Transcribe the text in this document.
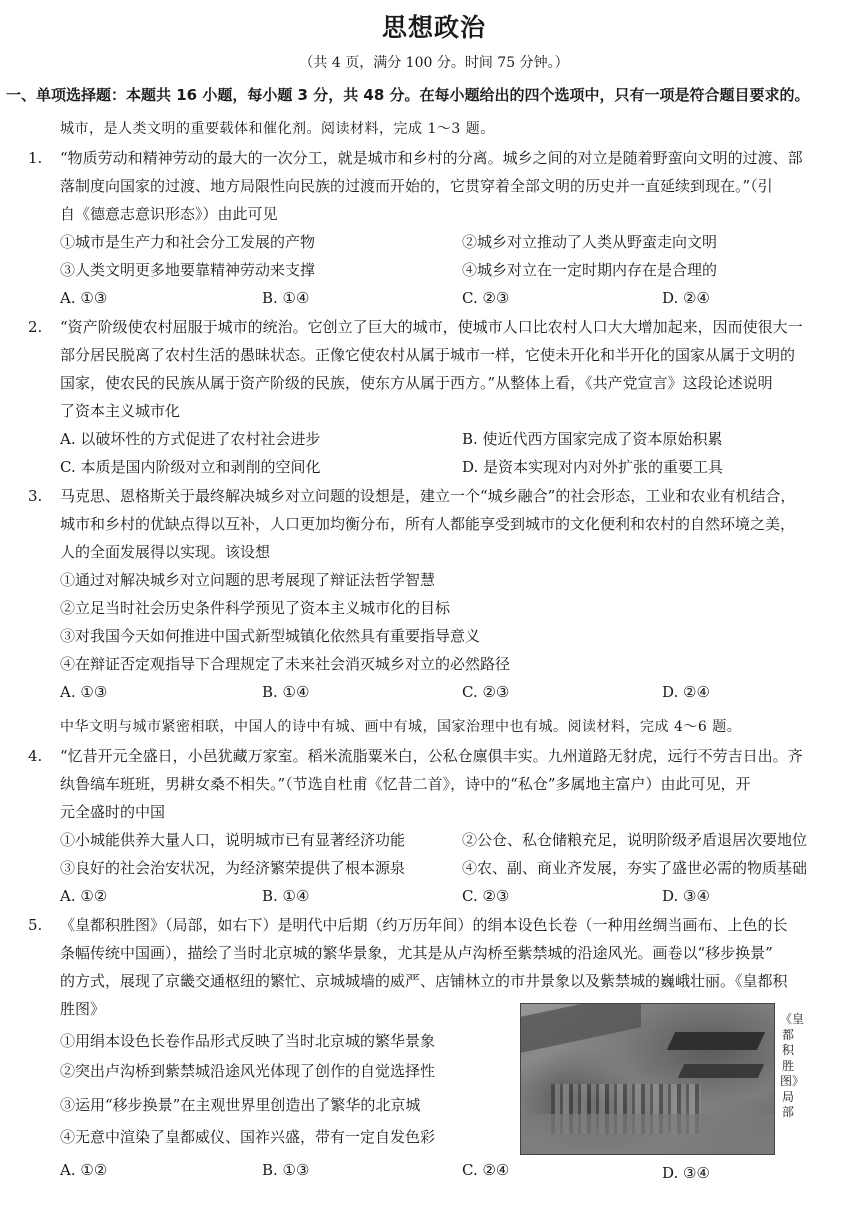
思想政治
（共 4 页，满分 100 分。时间 75 分钟。）
一、单项选择题：本题共 16 小题，每小题 3 分，共 48 分。在每小题给出的四个选项中，只有一项是符合题目要求的。
城市，是人类文明的重要载体和催化剂。阅读材料，完成 1～3 题。
1. “物质劳动和精神劳动的最大的一次分工，就是城市和乡村的分离。城乡之间的对立是随着野蛮向文明的过渡、部
落制度向国家的过渡、地方局限性向民族的过渡而开始的，它贯穿着全部文明的历史并一直延续到现在。”（引
自《德意志意识形态》）由此可见
①城市是生产力和社会分工发展的产物	②城乡对立推动了人类从野蛮走向文明
③人类文明更多地要靠精神劳动来支撑	④城乡对立在一定时期内存在是合理的
A. ①③	B. ①④	C. ②③	D. ②④
2. “资产阶级使农村屈服于城市的统治。它创立了巨大的城市，使城市人口比农村人口大大增加起来，因而使很大一
部分居民脱离了农村生活的愚昧状态。正像它使农村从属于城市一样，它使未开化和半开化的国家从属于文明的
国家，使农民的民族从属于资产阶级的民族，使东方从属于西方。”从整体上看，《共产党宣言》这段论述说明
了资本主义城市化
A. 以破坏性的方式促进了农村社会进步	B. 使近代西方国家完成了资本原始积累
C. 本质是国内阶级对立和剥削的空间化	D. 是资本实现对内对外扩张的重要工具
3. 马克思、恩格斯关于最终解决城乡对立问题的设想是，建立一个“城乡融合”的社会形态，工业和农业有机结合，
城市和乡村的优缺点得以互补，人口更加均衡分布，所有人都能享受到城市的文化便利和农村的自然环境之美，
人的全面发展得以实现。该设想
①通过对解决城乡对立问题的思考展现了辩证法哲学智慧
②立足当时社会历史条件科学预见了资本主义城市化的目标
③对我国今天如何推进中国式新型城镇化依然具有重要指导意义
④在辩证否定观指导下合理规定了未来社会消灭城乡对立的必然路径
A. ①③	B. ①④	C. ②③	D. ②④
中华文明与城市紧密相联，中国人的诗中有城、画中有城，国家治理中也有城。阅读材料，完成 4～6 题。
4. “忆昔开元全盛日，小邑犹藏万家室。稻米流脂粟米白，公私仓廪俱丰实。九州道路无豺虎，远行不劳吉日出。齐
纨鲁缟车班班，男耕女桑不相失。”（节选自杜甫《忆昔二首》，诗中的“私仓”多属地主富户）由此可见，开
元全盛时的中国
①小城能供养大量人口，说明城市已有显著经济功能	②公仓、私仓储粮充足，说明阶级矛盾退居次要地位
③良好的社会治安状况，为经济繁荣提供了根本源泉	④农、副、商业齐发展，夯实了盛世必需的物质基础
A. ①②	B. ①④	C. ②③	D. ③④
5. 《皇都积胜图》（局部，如右下）是明代中后期（约万历年间）的绢本设色长卷（一种用丝绸当画布、上色的长
条幅传统中国画），描绘了当时北京城的繁华景象，尤其是从卢沟桥至紫禁城的沿途风光。画卷以“移步换景”
的方式，展现了京畿交通枢纽的繁忙、京城城墙的威严、店铺林立的市井景象以及紫禁城的巍峨壮丽。《皇都积
胜图》
①用绢本设色长卷作品形式反映了当时北京城的繁华景象
②突出卢沟桥到紫禁城沿途风光体现了创作的自觉选择性
③运用“移步换景”在主观世界里创造出了繁华的北京城
④无意中渲染了皇都威仪、国祚兴盛，带有一定自发色彩
A. ①②	B. ①③	C. ②④	D. ③④
《皇都积胜图》局部
